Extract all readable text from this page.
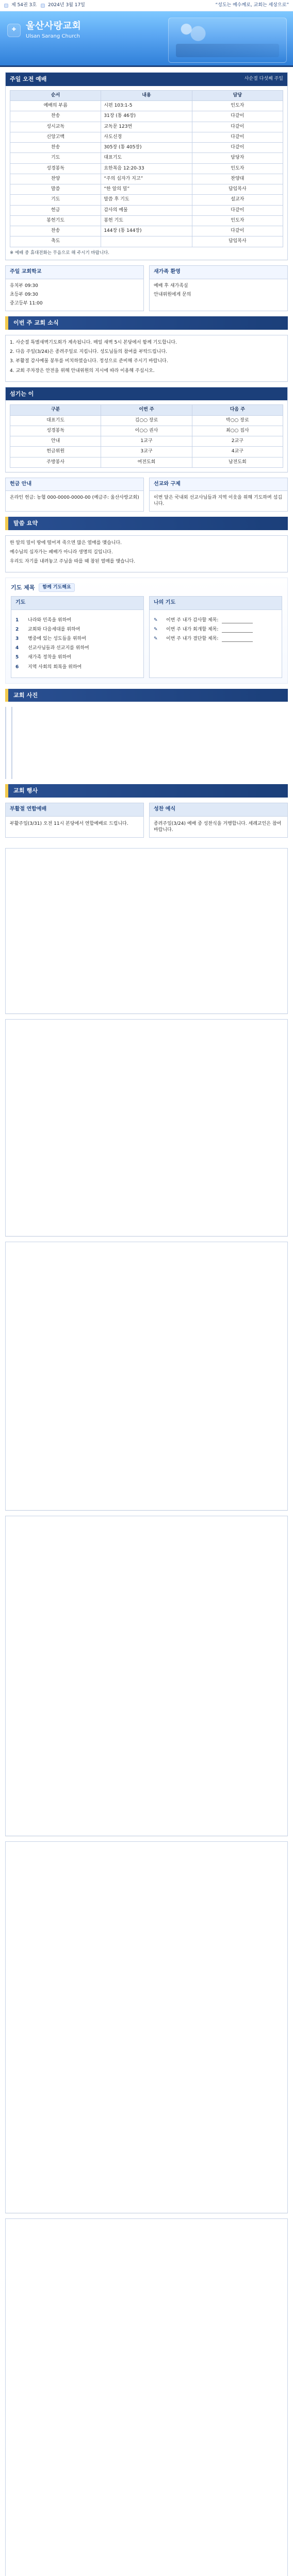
제 54권 3호 2024년 3월 17일	“성도는 예수께로, 교회는 세상으로”
✚	울산사랑교회
Ulsan Sarang Church
주일 오전 예배	사순절 다섯째 주일
순서	내용	담당
예배의 부름	시편 103:1-5	인도자
찬송	31장 (통 46장)	다같이
성시교독	교독문 123번	다같이
신앙고백	사도신경	다같이
찬송	305장 (통 405장)	다같이
기도	대표기도	담당자
성경봉독	요한복음 12:20-33	인도자
찬양	“주의 십자가 지고”	찬양대
말씀	“한 알의 밀”	담임목사
기도	말씀 후 기도	설교자
헌금	감사의 예물	다같이
봉헌기도	봉헌 기도	인도자
찬송	144장 (통 144장)	다같이
축도		담임목사
※ 예배 중 휴대전화는 무음으로 해 주시기 바랍니다.
주일 교회학교

유치부 09:30

초등부 09:30

중고등부 11:00

새가족 환영

예배 후 새가족실

안내위원에게 문의

이번 주 교회 소식

1. 사순절 특별새벽기도회가 계속됩니다. 매일 새벽 5시 본당에서 함께 기도합니다.

2. 다음 주일(3/24)은 종려주일로 지킵니다. 성도님들의 참여를 부탁드립니다.

3. 부활절 감사예물 봉투를 비치하였습니다. 정성으로 준비해 주시기 바랍니다.

4. 교회 주차장은 안전을 위해 안내위원의 지시에 따라 이용해 주십시오.

섬기는 이
구분	이번 주	다음 주
대표기도	김○○ 장로	박○○ 장로
성경봉독	이○○ 권사	최○○ 집사
안내	1교구	2교구
헌금위원	3교구	4교구
주방봉사	여전도회	남전도회
헌금 안내

온라인 헌금: 농협 000-0000-0000-00 (예금주: 울산사랑교회)

선교와 구제

이번 달은 국내외 선교사님들과 지역 이웃을 위해 기도하며 섬깁니다.

말씀 요약

한 알의 밀이 땅에 떨어져 죽으면 많은 열매를 맺습니다.

예수님의 십자가는 패배가 아니라 생명의 길입니다.

우리도 자기를 내려놓고 주님을 따를 때 참된 열매를 맺습니다.

기도 제목	함께 기도해요
기도
1	나라와 민족을 위하여
2	교회와 다음세대를 위하여
3	병중에 있는 성도들을 위하여
4	선교사님들과 선교지를 위하여
5	새가족 정착을 위하여
6	지역 사회의 회복을 위하여
나의 기도
✎	이번 주 내가 감사할 제목:
✎	이번 주 내가 회개할 제목:
✎	이번 주 내가 결단할 제목:
교회 사진
교회 행사
부활절 연합예배
부활주일(3/31) 오전 11시 본당에서 연합예배로 드립니다.
성찬 예식
종려주일(3/24) 예배 중 성찬식을 거행합니다. 세례교인은 참여 바랍니다.
